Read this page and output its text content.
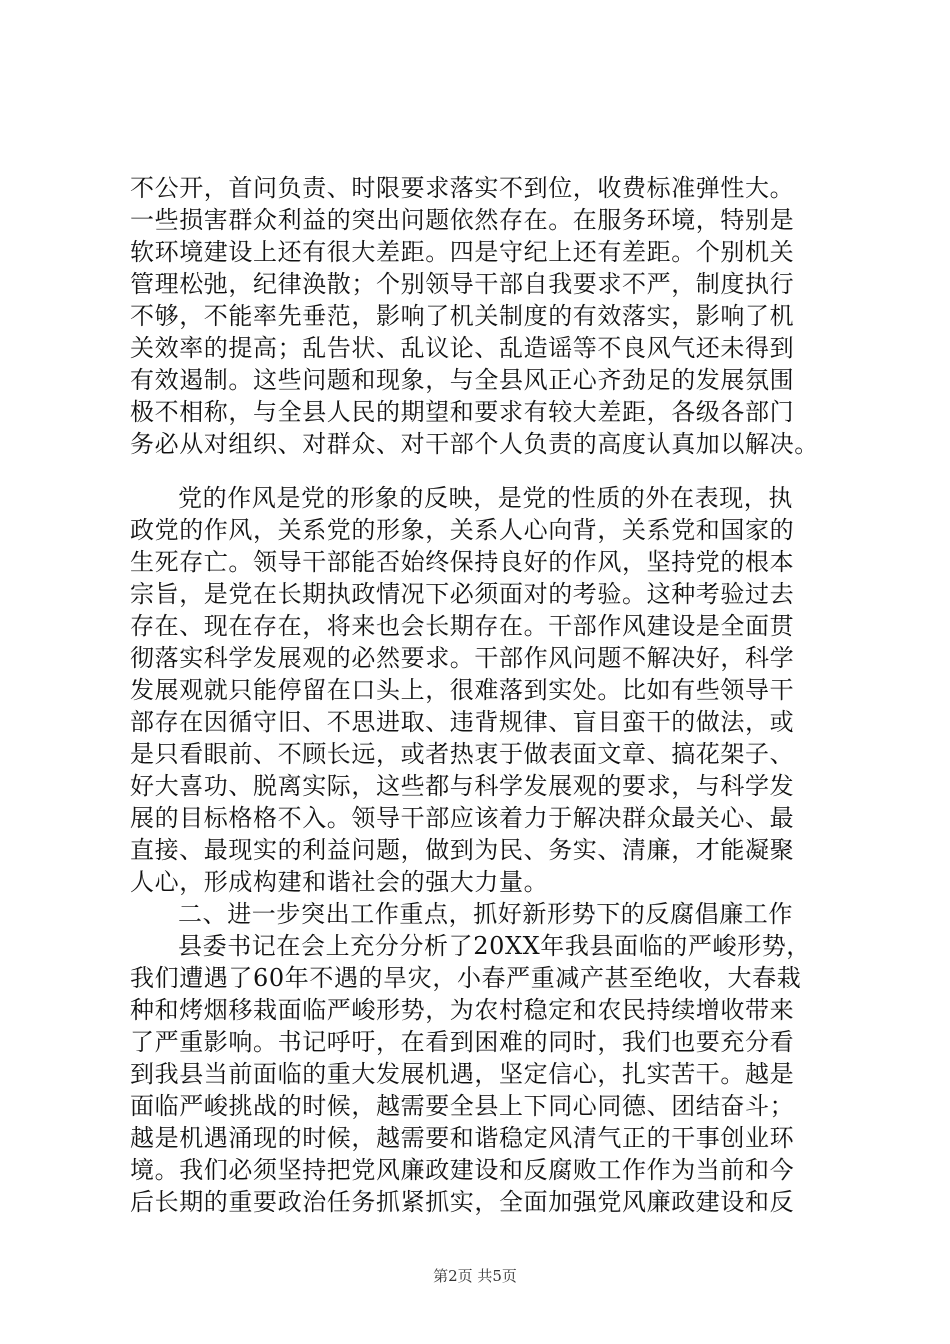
不公开，首问负责、时限要求落实不到位，收费标准弹性大。
一些损害群众利益的突出问题依然存在。在服务环境，特别是
软环境建设上还有很大差距。四是守纪上还有差距。个别机关
管理松弛，纪律涣散；个别领导干部自我要求不严，制度执行
不够，不能率先垂范，影响了机关制度的有效落实，影响了机
关效率的提高；乱告状、乱议论、乱造谣等不良风气还未得到
有效遏制。这些问题和现象，与全县风正心齐劲足的发展氛围
极不相称，与全县人民的期望和要求有较大差距，各级各部门
务必从对组织、对群众、对干部个人负责的高度认真加以解决。
党的作风是党的形象的反映，是党的性质的外在表现，执
政党的作风，关系党的形象，关系人心向背，关系党和国家的
生死存亡。领导干部能否始终保持良好的作风，坚持党的根本
宗旨，是党在长期执政情况下必须面对的考验。这种考验过去
存在、现在存在，将来也会长期存在。干部作风建设是全面贯
彻落实科学发展观的必然要求。干部作风问题不解决好，科学
发展观就只能停留在口头上，很难落到实处。比如有些领导干
部存在因循守旧、不思进取、违背规律、盲目蛮干的做法，或
是只看眼前、不顾长远，或者热衷于做表面文章、搞花架子、
好大喜功、脱离实际，这些都与科学发展观的要求，与科学发
展的目标格格不入。领导干部应该着力于解决群众最关心、最
直接、最现实的利益问题，做到为民、务实、清廉，才能凝聚
人心，形成构建和谐社会的强大力量。
二、进一步突出工作重点，抓好新形势下的反腐倡廉工作
县委书记在会上充分分析了20XX年我县面临的严峻形势，
我们遭遇了60年不遇的旱灾，小春严重减产甚至绝收，大春栽
种和烤烟移栽面临严峻形势，为农村稳定和农民持续增收带来
了严重影响。书记呼吁，在看到困难的同时，我们也要充分看
到我县当前面临的重大发展机遇，坚定信心，扎实苦干。越是
面临严峻挑战的时候，越需要全县上下同心同德、团结奋斗；
越是机遇涌现的时候，越需要和谐稳定风清气正的干事创业环
境。我们必须坚持把党风廉政建设和反腐败工作作为当前和今
后长期的重要政治任务抓紧抓实，全面加强党风廉政建设和反
第2页 共5页
